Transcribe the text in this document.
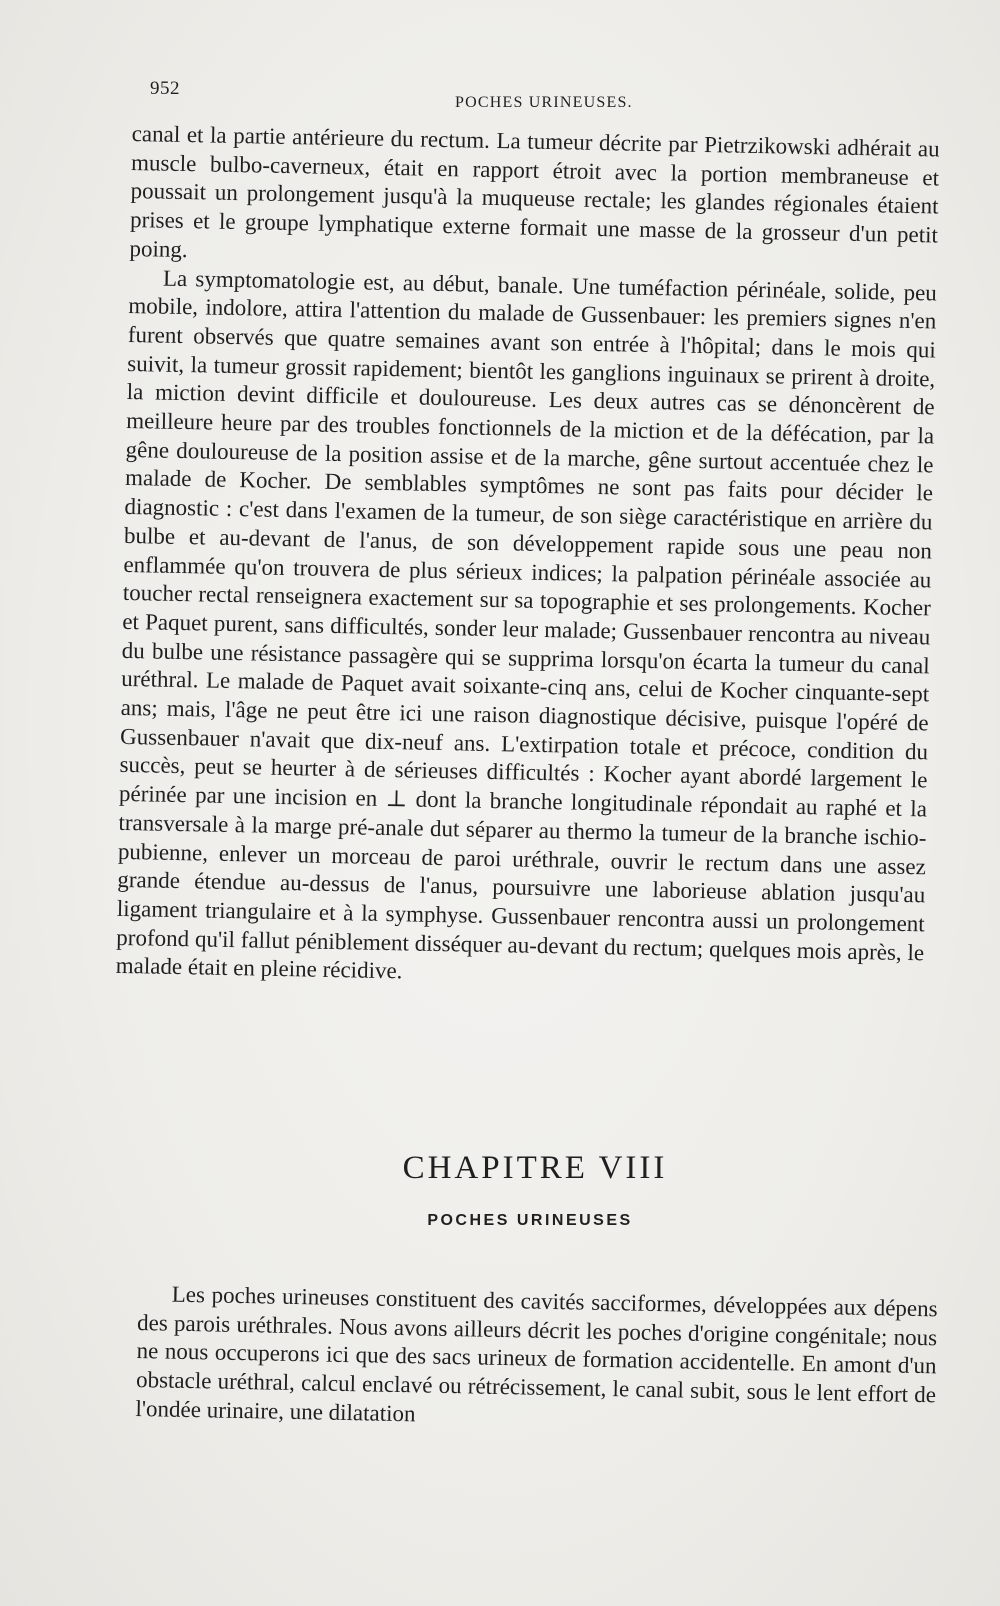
952
POCHES URINEUSES.

canal et la partie antérieure du rectum. La tumeur décrite par Pietrzikowski adhérait au muscle bulbo-caverneux, était en rapport étroit avec la portion membraneuse et poussait un prolongement jusqu'à la muqueuse rectale; les glandes régionales étaient prises et le groupe lymphatique externe formait une masse de la grosseur d'un petit poing.

La symptomatologie est, au début, banale. Une tuméfaction périnéale, solide, peu mobile, indolore, attira l'attention du malade de Gussenbauer: les premiers signes n'en furent observés que quatre semaines avant son entrée à l'hôpital; dans le mois qui suivit, la tumeur grossit rapidement; bientôt les ganglions inguinaux se prirent à droite, la miction devint difficile et douloureuse. Les deux autres cas se dénoncèrent de meilleure heure par des troubles fonctionnels de la miction et de la défécation, par la gêne douloureuse de la position assise et de la marche, gêne surtout accentuée chez le malade de Kocher. De semblables symptômes ne sont pas faits pour décider le diagnostic : c'est dans l'examen de la tumeur, de son siège caractéristique en arrière du bulbe et au-devant de l'anus, de son développement rapide sous une peau non enflammée qu'on trouvera de plus sérieux indices; la palpation périnéale associée au toucher rectal renseignera exactement sur sa topographie et ses prolongements. Kocher et Paquet purent, sans difficultés, sonder leur malade; Gussenbauer rencontra au niveau du bulbe une résistance passagère qui se supprima lorsqu'on écarta la tumeur du canal uréthral. Le malade de Paquet avait soixante-cinq ans, celui de Kocher cinquante-sept ans; mais, l'âge ne peut être ici une raison diagnostique décisive, puisque l'opéré de Gussenbauer n'avait que dix-neuf ans. L'extirpation totale et précoce, condition du succès, peut se heurter à de sérieuses difficultés : Kocher ayant abordé largement le périnée par une incision en ⊥ dont la branche longitudinale répondait au raphé et la transversale à la marge pré-anale dut séparer au thermo la tumeur de la branche ischio-pubienne, enlever un morceau de paroi uréthrale, ouvrir le rectum dans une assez grande étendue au-dessus de l'anus, poursuivre une laborieuse ablation jusqu'au ligament triangulaire et à la symphyse. Gussenbauer rencontra aussi un prolongement profond qu'il fallut péniblement disséquer au-devant du rectum; quelques mois après, le malade était en pleine récidive.

CHAPITRE VIII
POCHES URINEUSES

Les poches urineuses constituent des cavités sacciformes, développées aux dépens des parois uréthrales. Nous avons ailleurs décrit les poches d'origine congénitale; nous ne nous occuperons ici que des sacs urineux de formation accidentelle. En amont d'un obstacle uréthral, calcul enclavé ou rétrécissement, le canal subit, sous le lent effort de l'ondée urinaire, une dilatation
